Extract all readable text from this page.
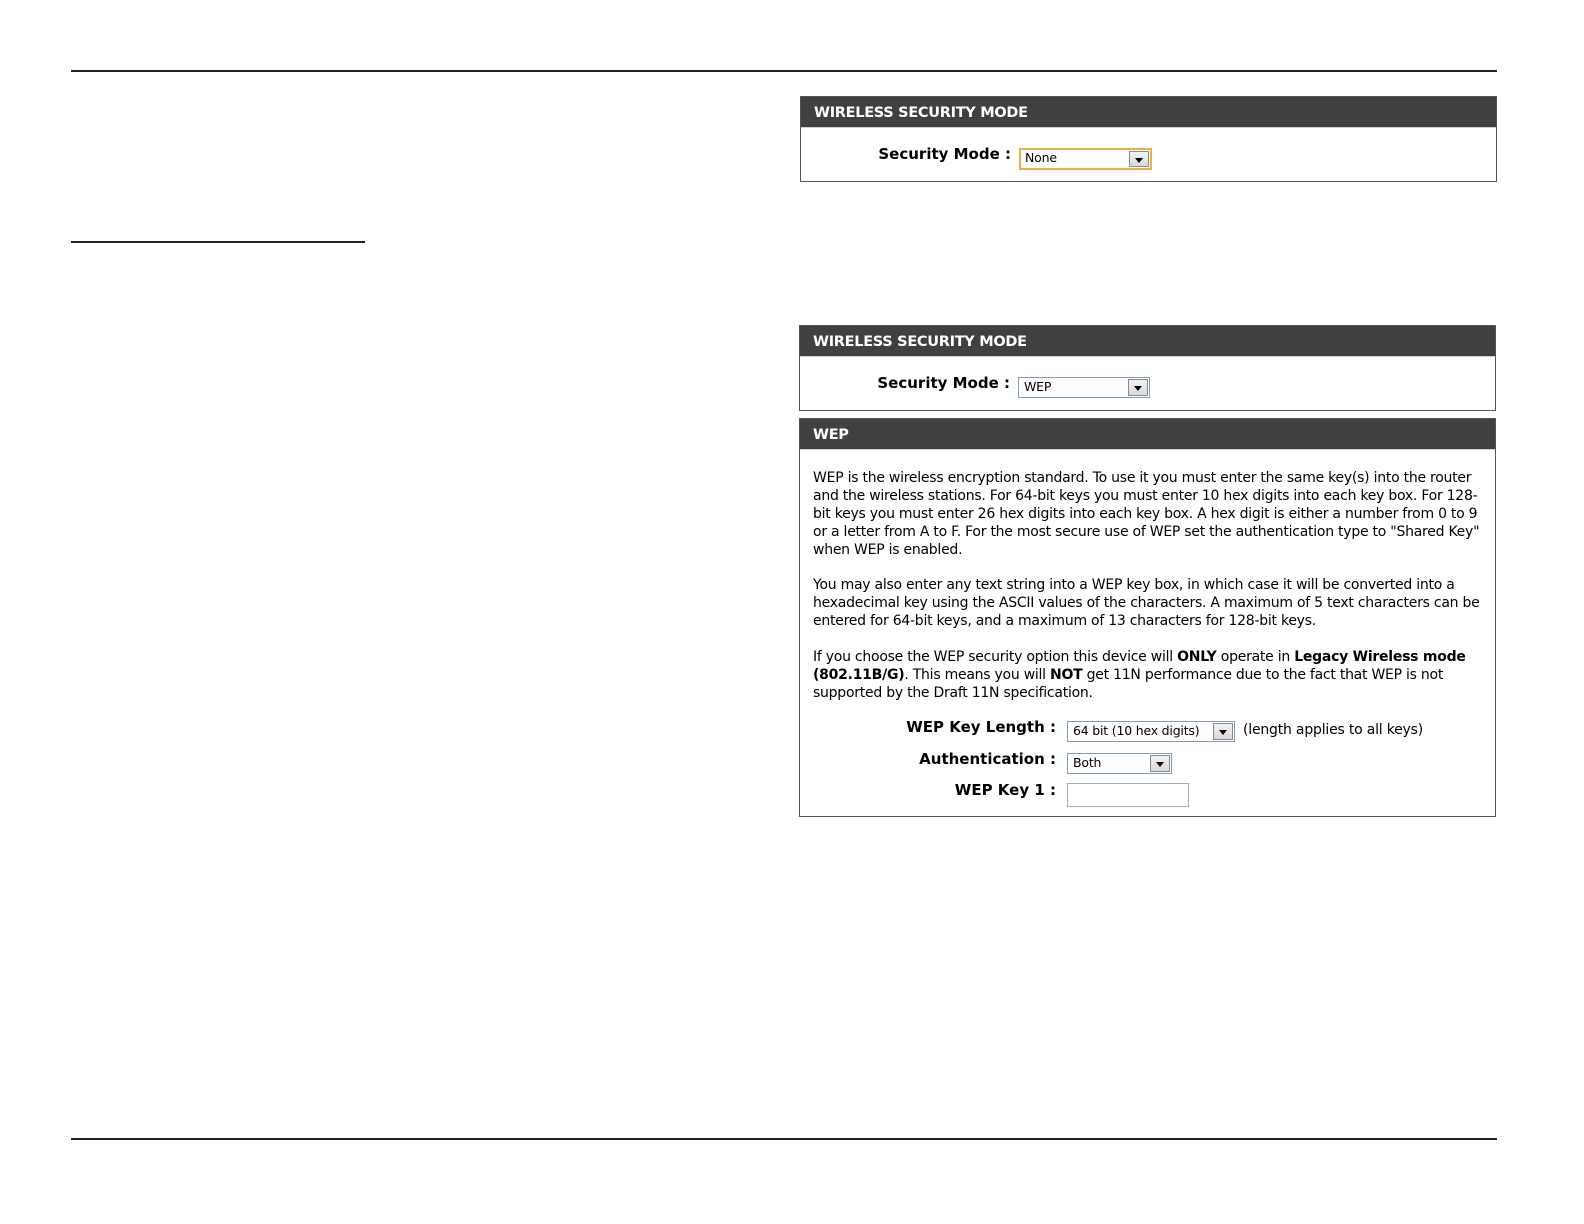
WIRELESS SECURITY MODE
Security Mode :	None
WIRELESS SECURITY MODE
Security Mode :	WEP
WEP
WEP is the wireless encryption standard. To use it you must enter the same key(s) into the router and the wireless stations. For 64-bit keys you must enter 10 hex digits into each key box. For 128-bit keys you must enter 26 hex digits into each key box. A hex digit is either a number from 0 to 9 or a letter from A to F. For the most secure use of WEP set the authentication type to "Shared Key" when WEP is enabled.
You may also enter any text string into a WEP key box, in which case it will be converted into a hexadecimal key using the ASCII values of the characters. A maximum of 5 text characters can be entered for 64-bit keys, and a maximum of 13 characters for 128-bit keys.
If you choose the WEP security option this device will ONLY operate in Legacy Wireless mode (802.11B/G). This means you will NOT get 11N performance due to the fact that WEP is not supported by the Draft 11N specification.
WEP Key Length :	64 bit (10 hex digits)	(length applies to all keys)
Authentication :	Both
WEP Key 1 :
